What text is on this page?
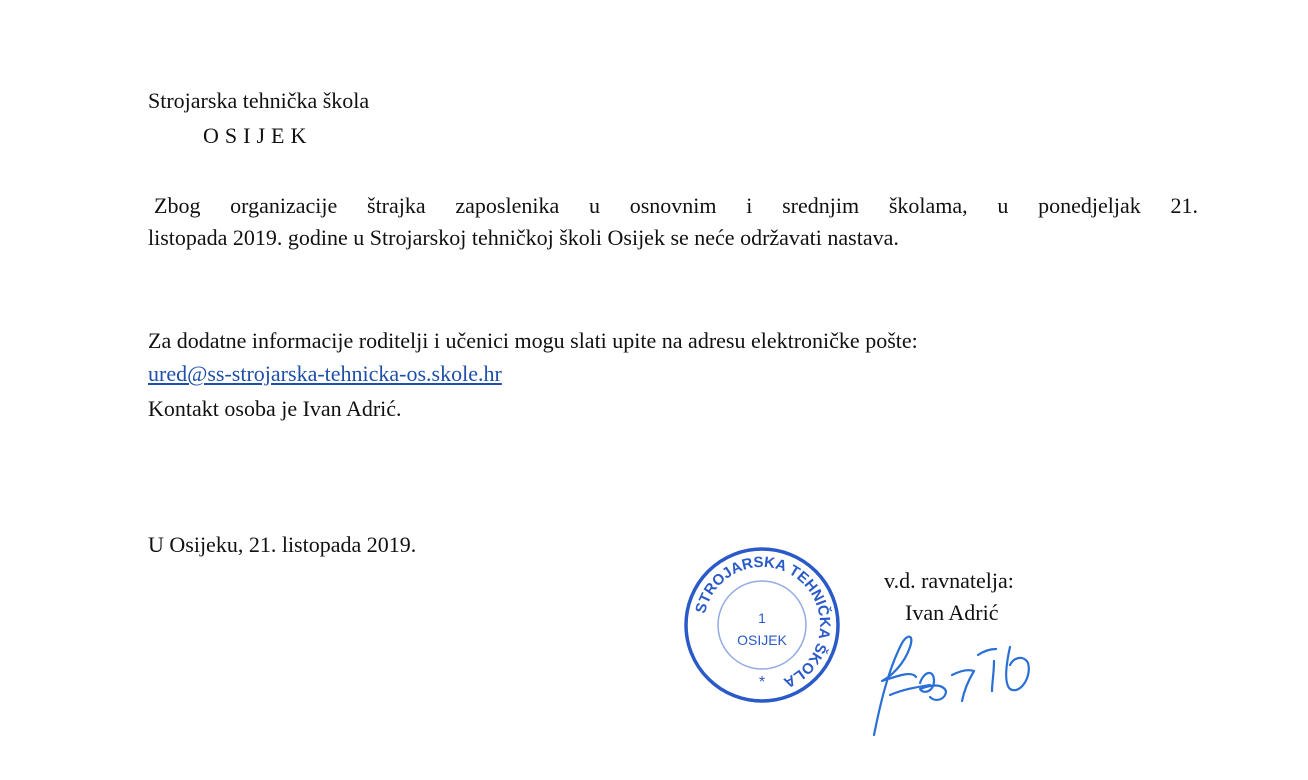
Strojarska tehnička škola
OSIJEK
Zbog organizacije štrajka zaposlenika u osnovnim i srednjim školama, u ponedjeljak 21.
listopada 2019. godine u Strojarskoj tehničkoj školi Osijek se neće održavati nastava.
Za dodatne informacije roditelji i učenici mogu slati upite na adresu elektroničke pošte:
ured@ss-strojarska-tehnicka-os.skole.hr
Kontakt osoba je Ivan Adrić.
U Osijeku, 21. listopada 2019.
v.d. ravnatelja:
Ivan Adrić
STROJARSKA TEHNIČKA ŠKOLA
1
OSIJEK
*
